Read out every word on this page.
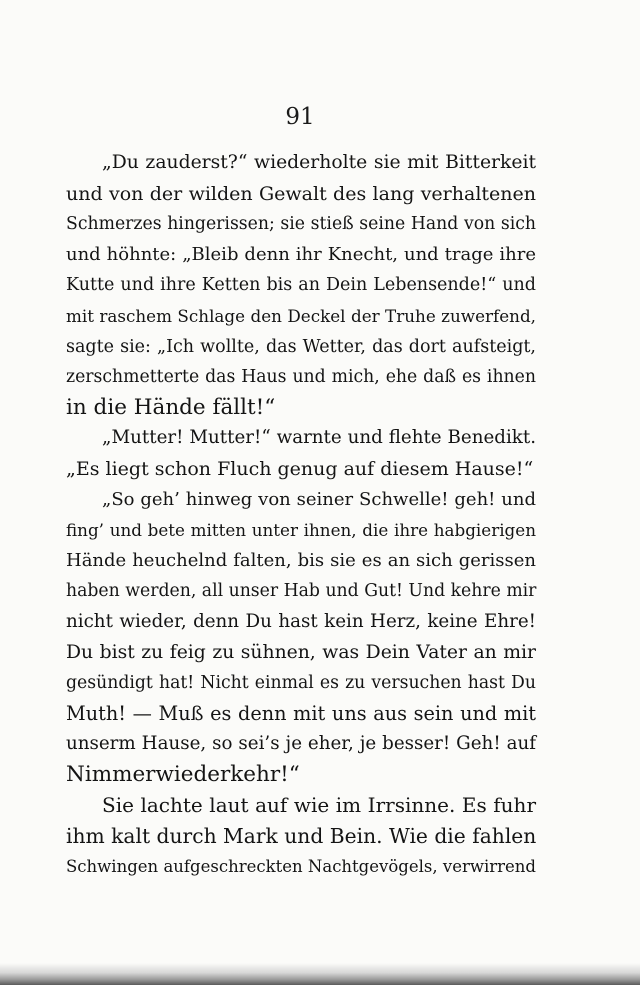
91
„Du zauderst?“ wiederholte sie mit Bitterkeit
und von der wilden Gewalt des lang verhaltenen
Schmerzes hingerissen; sie stieß seine Hand von sich
und höhnte: „Bleib denn ihr Knecht, und trage ihre
Kutte und ihre Ketten bis an Dein Lebensende!“ und
mit raschem Schlage den Deckel der Truhe zuwerfend,
sagte sie: „Ich wollte, das Wetter, das dort aufsteigt,
zerschmetterte das Haus und mich, ehe daß es ihnen
in die Hände fällt!“
„Mutter! Mutter!“ warnte und flehte Benedikt.
„Es liegt schon Fluch genug auf diesem Hause!“
„So geh’ hinweg von seiner Schwelle! geh! und
fing’ und bete mitten unter ihnen, die ihre habgierigen
Hände heuchelnd falten, bis sie es an sich gerissen
haben werden, all unser Hab und Gut! Und kehre mir
nicht wieder, denn Du hast kein Herz, keine Ehre!
Du bist zu feig zu sühnen, was Dein Vater an mir
gesündigt hat! Nicht einmal es zu versuchen hast Du
Muth! — Muß es denn mit uns aus sein und mit
unserm Hause, so sei’s je eher, je besser! Geh! auf
Nimmerwiederkehr!“
Sie lachte laut auf wie im Irrsinne. Es fuhr
ihm kalt durch Mark und Bein. Wie die fahlen
Schwingen aufgeschreckten Nachtgevögels, verwirrend
